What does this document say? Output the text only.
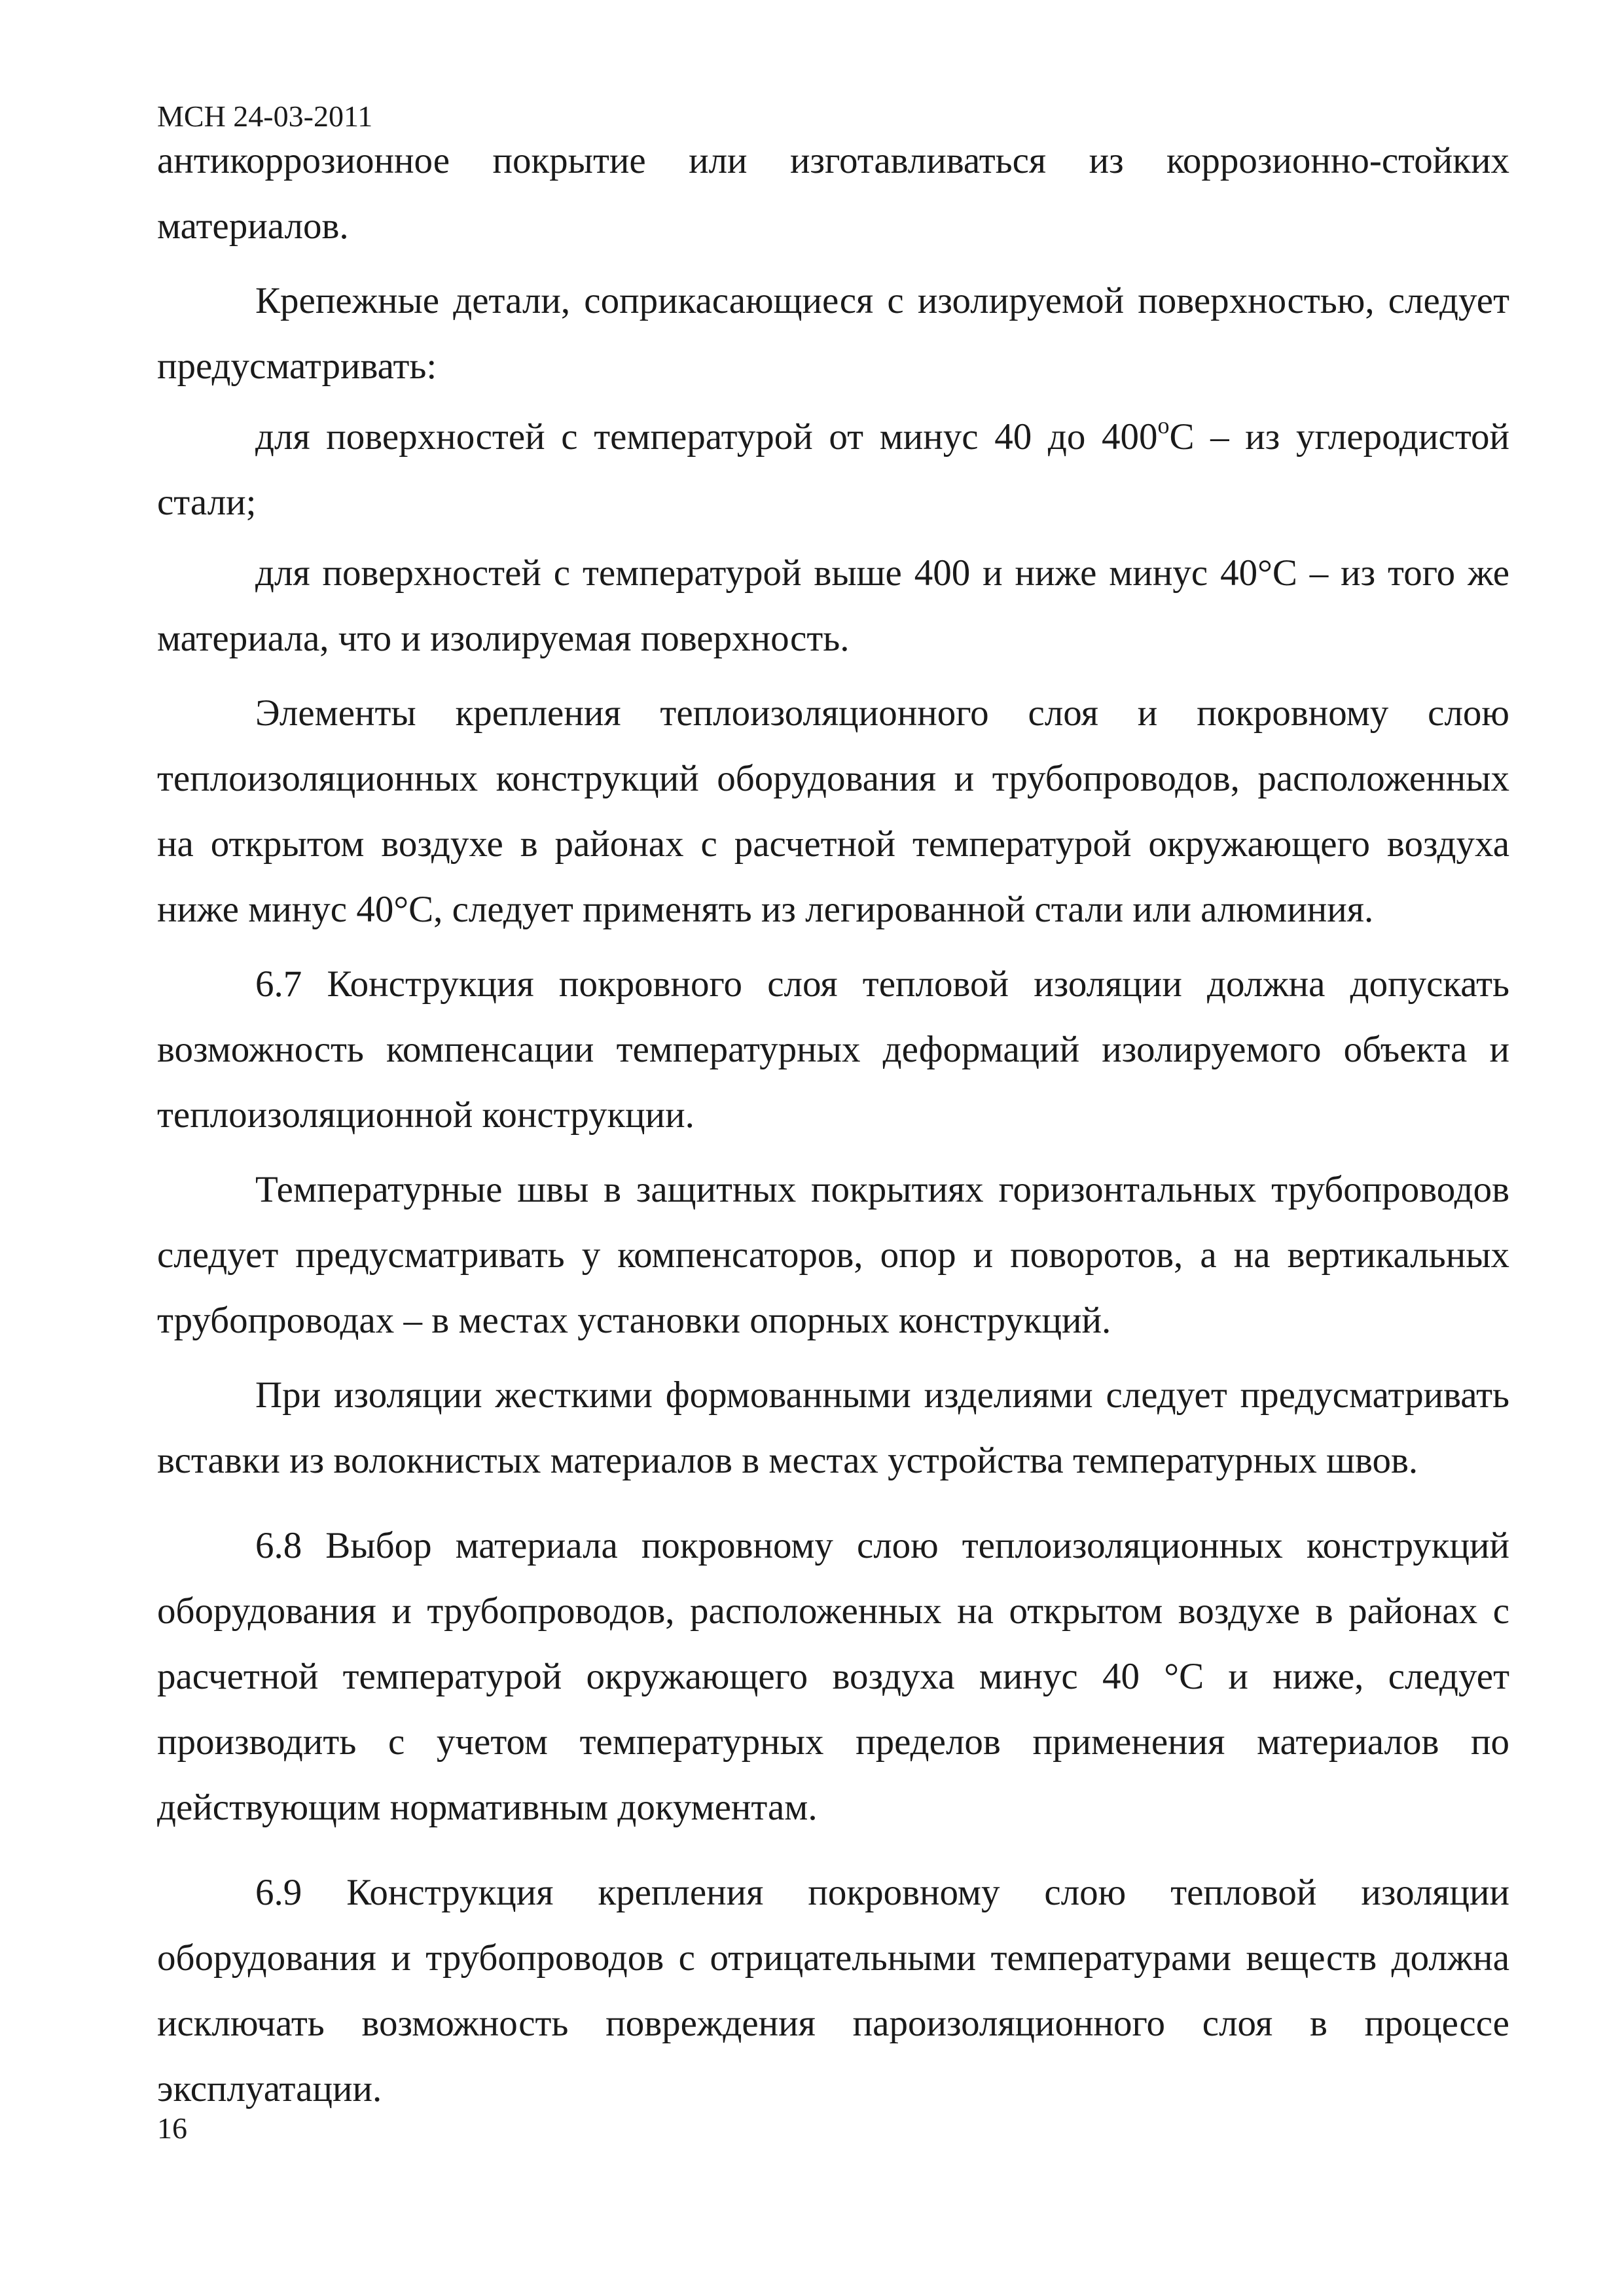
МСН 24-03-2011

антикоррозионное покрытие или изготавливаться из коррозионно-стойких материалов.

Крепежные детали, соприкасающиеся с изолируемой поверхностью, следует предусматривать:

для поверхностей с температурой от минус 40 до $400^оС$ – из углеродистой стали;

для поверхностей с температурой выше 400 и ниже минус 40°С – из того же материала, что и изолируемая поверхность.

Элементы крепления теплоизоляционного слоя и покровному слою теплоизоляционных конструкций оборудования и трубопроводов, расположенных на открытом воздухе в районах с расчетной температурой окружающего воздуха ниже минус 40°С, следует применять из легированной стали или алюминия.

6.7 Конструкция покровного слоя тепловой изоляции должна допускать возможность компенсации температурных деформаций изолируемого объекта и теплоизоляционной конструкции.

Температурные швы в защитных покрытиях горизонтальных трубопроводов следует предусматривать у компенсаторов, опор и поворотов, а на вертикальных трубопроводах – в местах установки опорных конструкций.

При изоляции жесткими формованными изделиями следует предусматривать вставки из волокнистых материалов в местах устройства температурных швов.

6.8 Выбор материала покровному слою теплоизоляционных конструкций оборудования и трубопроводов, расположенных на открытом воздухе в районах с расчетной температурой окружающего воздуха минус 40 °С и ниже, следует производить с учетом температурных пределов применения материалов по действующим нормативным документам.

6.9 Конструкция крепления покровному слою тепловой изоляции оборудования и трубопроводов с отрицательными температурами веществ должна исключать возможность повреждения пароизоляционного слоя в процессе эксплуатации.

16
